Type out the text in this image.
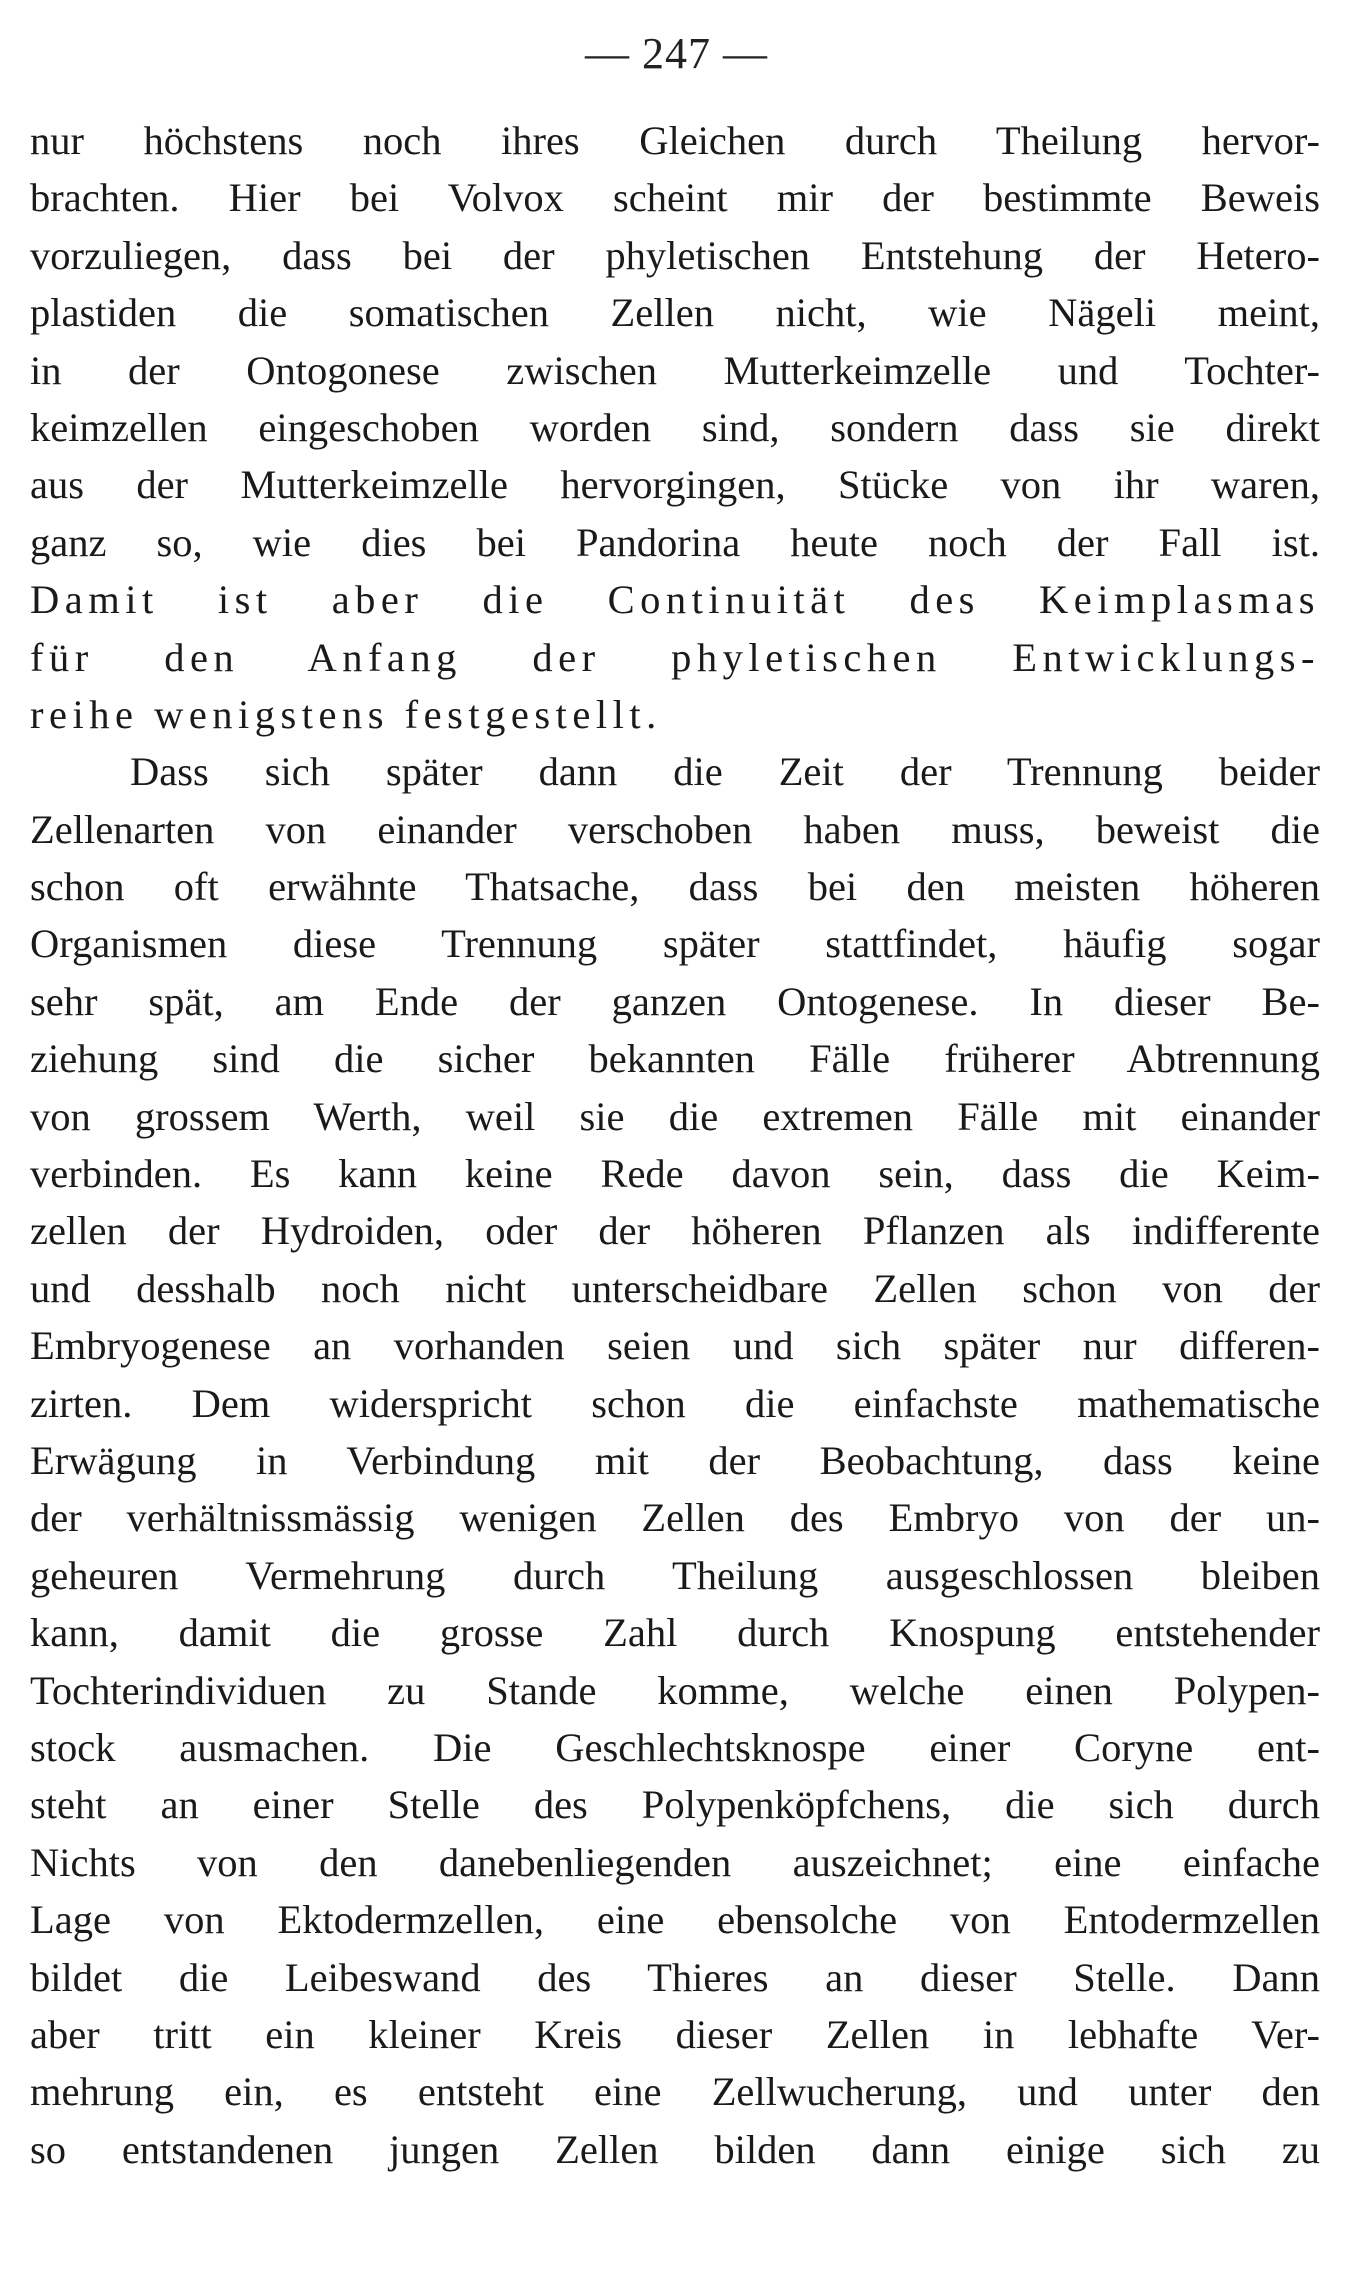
— 247 —
nur höchstens noch ihres Gleichen durch Theilung hervor-
brachten. Hier bei Volvox scheint mir der bestimmte Beweis
vorzuliegen, dass bei der phyletischen Entstehung der Hetero-
plastiden die somatischen Zellen nicht, wie Nägeli meint,
in der Ontogonese zwischen Mutterkeimzelle und Tochter-
keimzellen eingeschoben worden sind, sondern dass sie direkt
aus der Mutterkeimzelle hervorgingen, Stücke von ihr waren,
ganz so, wie dies bei Pandorina heute noch der Fall ist.
Damit ist aber die Continuität des Keimplasmas
für den Anfang der phyletischen Entwicklungs-
reihe wenigstens festgestellt.
Dass sich später dann die Zeit der Trennung beider
Zellenarten von einander verschoben haben muss, beweist die
schon oft erwähnte Thatsache, dass bei den meisten höheren
Organismen diese Trennung später stattfindet, häufig sogar
sehr spät, am Ende der ganzen Ontogenese. In dieser Be-
ziehung sind die sicher bekannten Fälle früherer Abtrennung
von grossem Werth, weil sie die extremen Fälle mit einander
verbinden. Es kann keine Rede davon sein, dass die Keim-
zellen der Hydroiden, oder der höheren Pflanzen als indifferente
und desshalb noch nicht unterscheidbare Zellen schon von der
Embryogenese an vorhanden seien und sich später nur differen-
zirten. Dem widerspricht schon die einfachste mathematische
Erwägung in Verbindung mit der Beobachtung, dass keine
der verhältnissmässig wenigen Zellen des Embryo von der un-
geheuren Vermehrung durch Theilung ausgeschlossen bleiben
kann, damit die grosse Zahl durch Knospung entstehender
Tochterindividuen zu Stande komme, welche einen Polypen-
stock ausmachen. Die Geschlechtsknospe einer Coryne ent-
steht an einer Stelle des Polypenköpfchens, die sich durch
Nichts von den danebenliegenden auszeichnet; eine einfache
Lage von Ektodermzellen, eine ebensolche von Entodermzellen
bildet die Leibeswand des Thieres an dieser Stelle. Dann
aber tritt ein kleiner Kreis dieser Zellen in lebhafte Ver-
mehrung ein, es entsteht eine Zellwucherung, und unter den
so entstandenen jungen Zellen bilden dann einige sich zu
